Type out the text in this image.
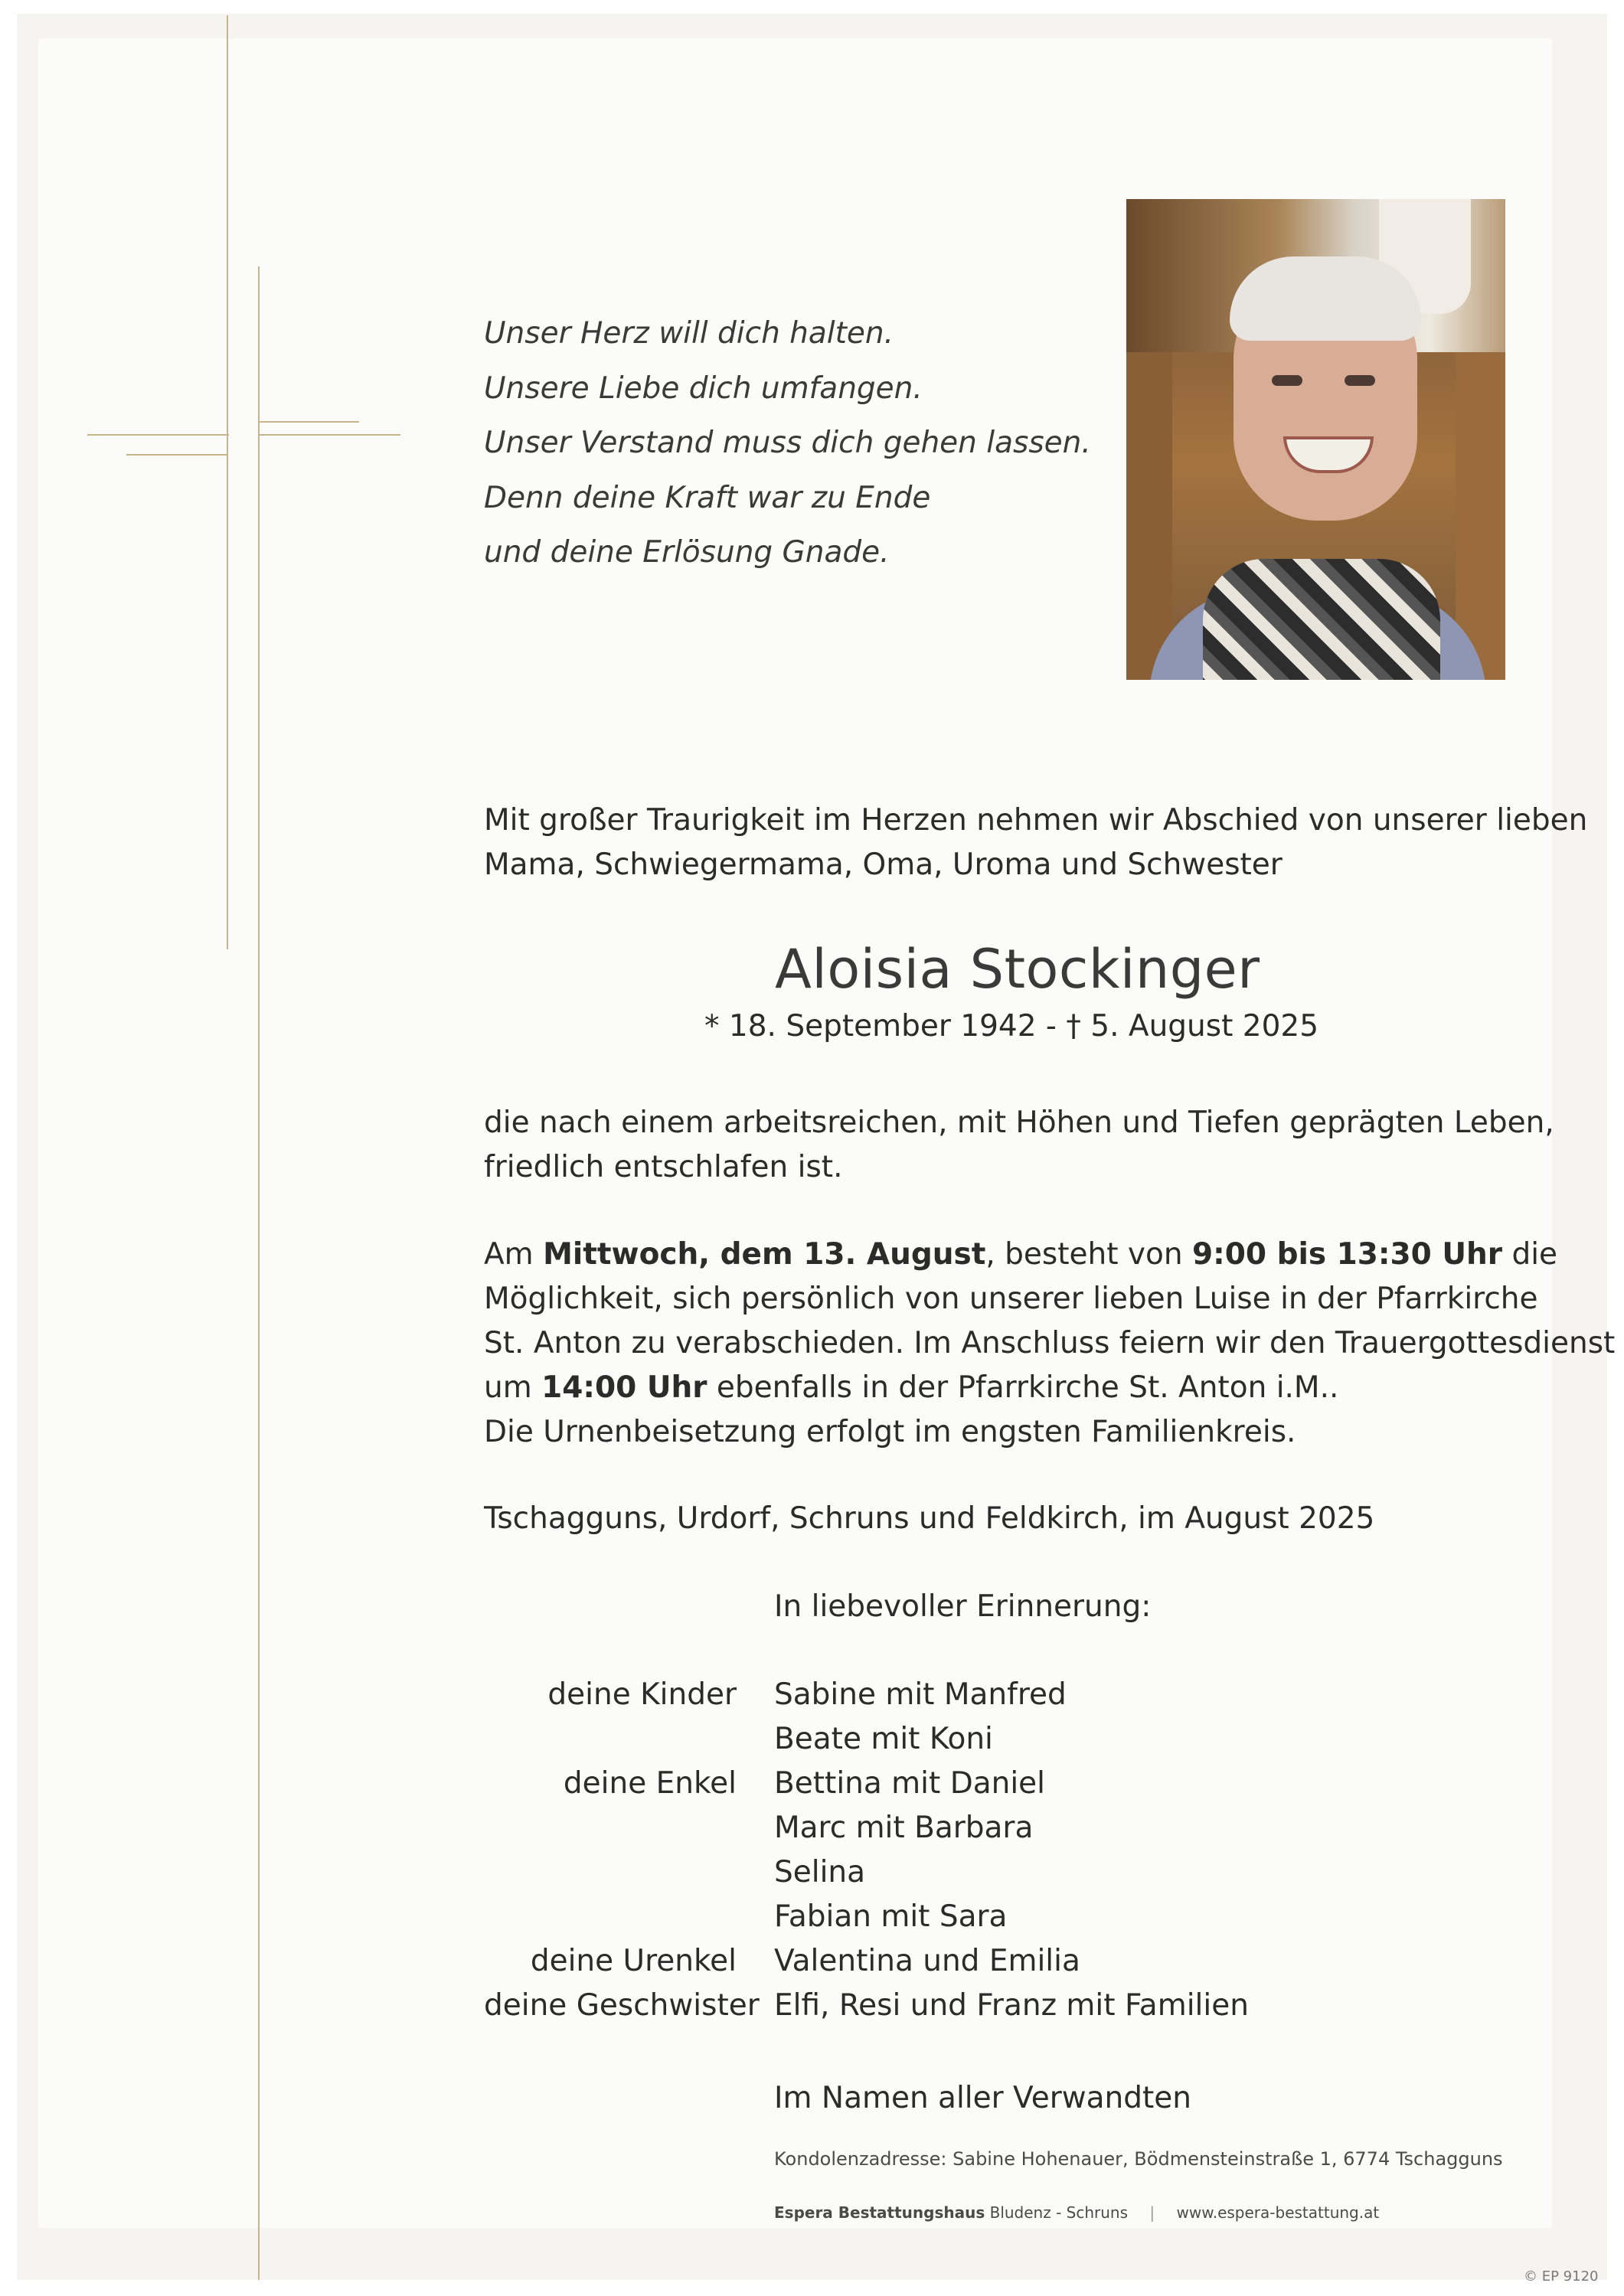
Unser Herz will dich halten.
Unsere Liebe dich umfangen.
Unser Verstand muss dich gehen lassen.
Denn deine Kraft war zu Ende
und deine Erlösung Gnade.
Mit großer Traurigkeit im Herzen nehmen wir Abschied von unserer lieben
Mama, Schwiegermama, Oma, Uroma und Schwester
Aloisia Stockinger
* 18. September 1942 - † 5. August 2025
die nach einem arbeitsreichen, mit Höhen und Tiefen geprägten Leben,
friedlich entschlafen ist.
Am Mittwoch, dem 13. August, besteht von 9:00 bis 13:30 Uhr die
Möglichkeit, sich persönlich von unserer lieben Luise in der Pfarrkirche
St. Anton zu verabschieden. Im Anschluss feiern wir den Trauergottesdienst
um 14:00 Uhr ebenfalls in der Pfarrkirche St. Anton i.M..
Die Urnenbeisetzung erfolgt im engsten Familienkreis.
Tschagguns, Urdorf, Schruns und Feldkirch, im August 2025
In liebevoller Erinnerung:
deine Kinder Sabine mit Manfred
Beate mit Koni
deine Enkel Bettina mit Daniel
Marc mit Barbara
Selina
Fabian mit Sara
deine Urenkel Valentina und Emilia
deine Geschwister Elfi, Resi und Franz mit Familien
Im Namen aller Verwandten
Kondolenzadresse: Sabine Hohenauer, Bödmensteinstraße 1, 6774 Tschagguns
Espera Bestattungshaus Bludenz - Schruns | www.espera-bestattung.at
© EP 9120
